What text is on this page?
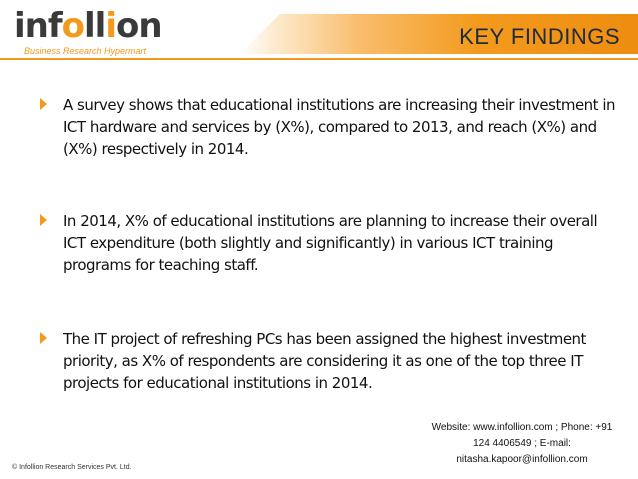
infollion
Business Research Hypermart
KEY FINDINGS
A survey shows that educational institutions are increasing their investment in ICT hardware and services by (X%), compared to 2013, and reach (X%) and (X%) respectively in 2014.
In 2014, X% of educational institutions are planning to increase their overall ICT expenditure (both slightly and significantly) in various ICT training programs for teaching staff.
The IT project of refreshing PCs has been assigned the highest investment priority, as X% of respondents are considering it as one of the top three IT projects for educational institutions in 2014.
© Infollion Research Services Pvt. Ltd.
Website: www.infollion.com ; Phone: +91 124 4406549 ; E-mail: nitasha.kapoor@infollion.com
